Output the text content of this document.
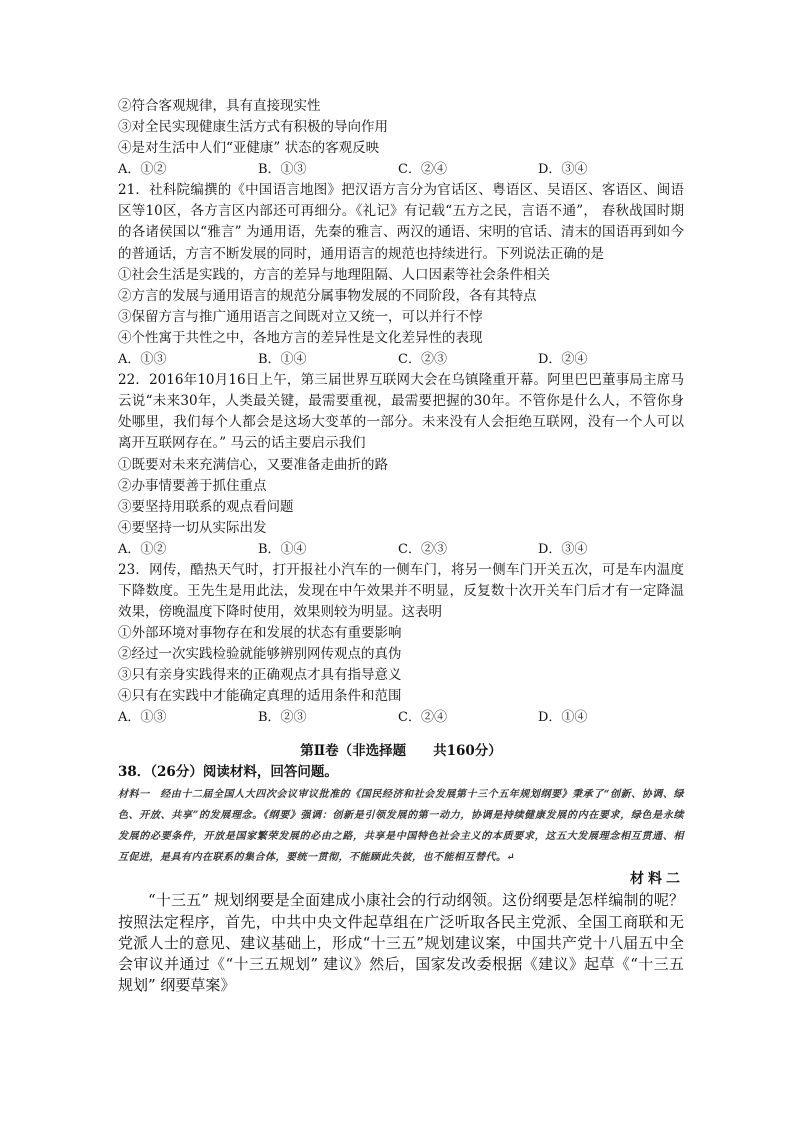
②符合客观规律，具有直接现实性
③对全民实现健康生活方式有积极的导向作用
④是对生活中人们“亚健康” 状态的客观反映
A．①②	B．①③	C．②④	D．③④
21．社科院编撰的《中国语言地图》把汉语方言分为官话区、粤语区、吴语区、客语区、闽语区等10区，各方言区内部还可再细分。《礼记》有记载“五方之民，言语不通”， 春秋战国时期的各诸侯国以“雅言” 为通用语，先秦的雅言、两汉的通语、宋明的官话、清末的国语再到如今的普通话，方言不断发展的同时，通用语言的规范也持续进行。下列说法正确的是
①社会生活是实践的，方言的差异与地理阻隔、人口因素等社会条件相关
②方言的发展与通用语言的规范分属事物发展的不同阶段，各有其特点
③保留方言与推广通用语言之间既对立又统一，可以并行不悖
④个性寓于共性之中，各地方言的差异性是文化差异性的表现
A．①③	B．①④	C．②③	D．②④
22．2016年10月16日上午，第三届世界互联网大会在乌镇隆重开幕。阿里巴巴董事局主席马云说“未来30年，人类最关键，最需要重视，最需要把握的30年。不管你是什么人，不管你身处哪里，我们每个人都会是这场大变革的一部分。未来没有人会拒绝互联网，没有一个人可以离开互联网存在。” 马云的话主要启示我们
①既要对未来充满信心，又要准备走曲折的路
②办事情要善于抓住重点
③要坚持用联系的观点看问题
④要坚持一切从实际出发
A．①②	B．①④	C．②③	D．③④
23．网传，酷热天气时，打开报社小汽车的一侧车门，将另一侧车门开关五次，可是车内温度下降数度。王先生是用此法，发现在中午效果并不明显，反复数十次开关车门后才有一定降温效果，傍晚温度下降时使用，效果则较为明显。这表明
①外部环境对事物存在和发展的状态有重要影响
②经过一次实践检验就能够辨别网传观点的真伪
③只有亲身实践得来的正确观点才具有指导意义
④只有在实践中才能确定真理的适用条件和范围
A．①③	B．②③	C．②④	D．①④
第Ⅱ卷（非选择题　　共160分）
38．（26分）阅读材料，回答问题。
材料一　经由十二届全国人大四次会议审议批准的《国民经济和社会发展第十三个五年规划纲要》秉承了“创新、协调、绿色、开放、共享”的发展理念。《纲要》强调：创新是引领发展的第一动力，协调是持续健康发展的内在要求，绿色是永续发展的必要条件，开放是国家繁荣发展的必由之路，共享是中国特色社会主义的本质要求，这五大发展理念相互贯通、相互促进，是具有内在联系的集合体，要统一贯彻，不能顾此失彼，也不能相互替代。↵
材料二
“十三五” 规划纲要是全面建成小康社会的行动纲领。这份纲要是怎样编制的呢？按照法定程序，首先，中共中央文件起草组在广泛听取各民主党派、全国工商联和无党派人士的意见、建议基础上，形成“十三五”规划建议案，中国共产党十八届五中全会审议并通过《“十三五规划” 建议》然后，国家发改委根据《建议》起草《“十三五规划” 纲要草案》
